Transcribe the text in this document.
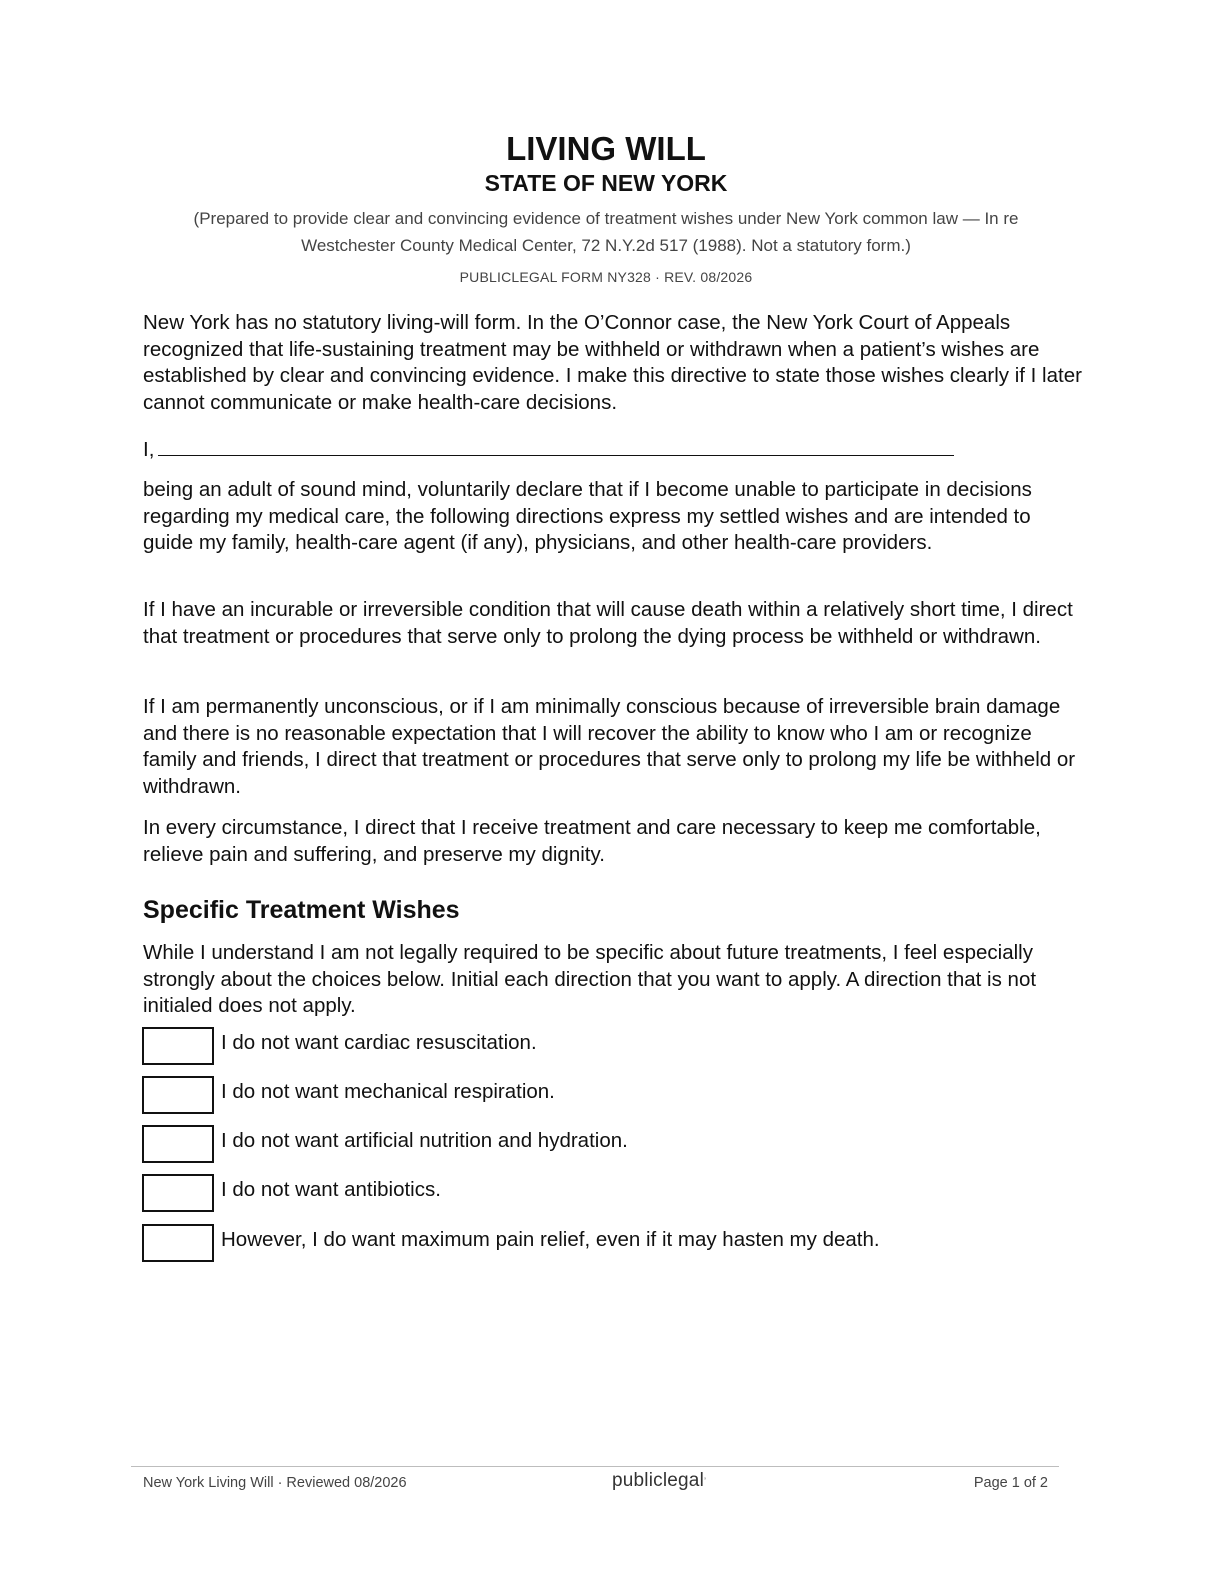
LIVING WILL
STATE OF NEW YORK
(Prepared to provide clear and convincing evidence of treatment wishes under New York common law — In re Westchester County Medical Center, 72 N.Y.2d 517 (1988). Not a statutory form.)
PUBLICLEGAL FORM NY328 · REV. 08/2026

New York has no statutory living-will form. In the O’Connor case, the New York Court of Appeals recognized that life-sustaining treatment may be withheld or withdrawn when a patient’s wishes are established by clear and convincing evidence. I make this directive to state those wishes clearly if I later cannot communicate or make health-care decisions.

I,

being an adult of sound mind, voluntarily declare that if I become unable to participate in decisions regarding my medical care, the following directions express my settled wishes and are intended to guide my family, health-care agent (if any), physicians, and other health-care providers.

If I have an incurable or irreversible condition that will cause death within a relatively short time, I direct that treatment or procedures that serve only to prolong the dying process be withheld or withdrawn.

If I am permanently unconscious, or if I am minimally conscious because of irreversible brain damage and there is no reasonable expectation that I will recover the ability to know who I am or recognize family and friends, I direct that treatment or procedures that serve only to prolong my life be withheld or withdrawn.

In every circumstance, I direct that I receive treatment and care necessary to keep me comfortable, relieve pain and suffering, and preserve my dignity.

Specific Treatment Wishes

While I understand I am not legally required to be specific about future treatments, I feel especially strongly about the choices below. Initial each direction that you want to apply. A direction that is not initialed does not apply.

I do not want cardiac resuscitation.
I do not want mechanical respiration.
I do not want artificial nutrition and hydration.
I do not want antibiotics.
However, I do want maximum pain relief, even if it may hasten my death.
New York Living Will · Reviewed 08/2026	publiclegal’	Page 1 of 2
